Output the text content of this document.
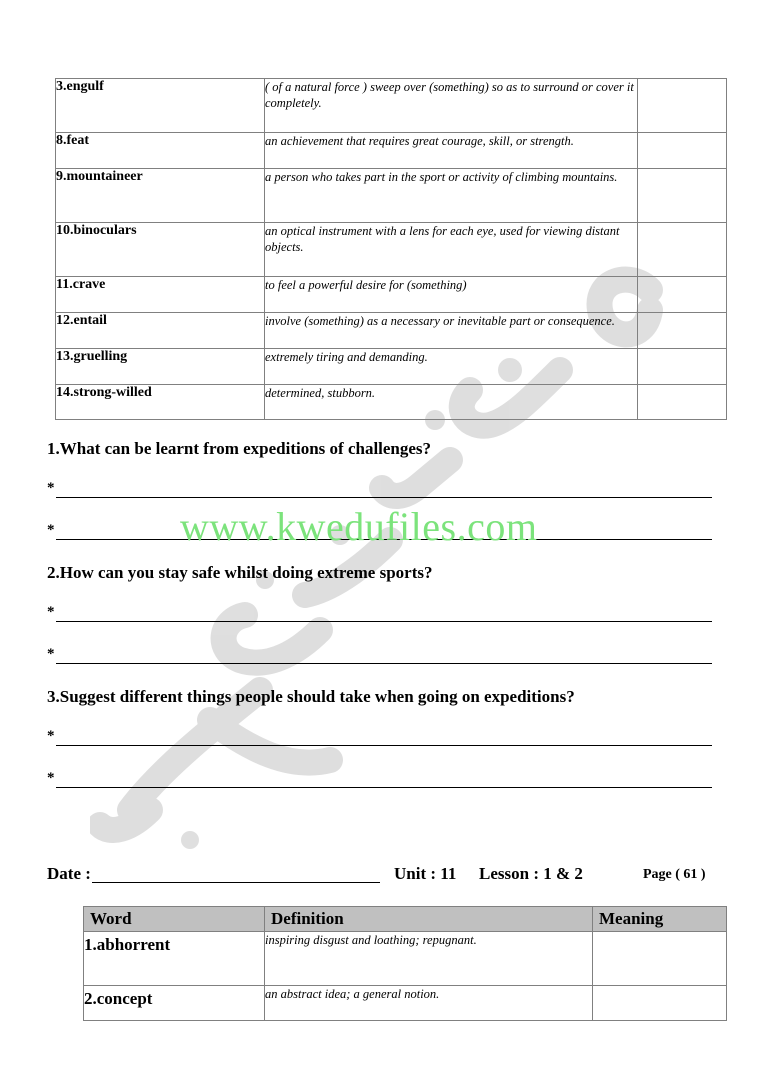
3.engulf	( of a natural force ) sweep over (something) so as to surround or cover it completely.	
8.feat	an achievement that requires great courage, skill, or strength.	
9.mountaineer	a person who takes part in the sport or activity of climbing mountains.	
10.binoculars	an optical instrument with a lens for each eye, used for viewing distant objects.	
11.crave	to feel a powerful desire for (something)	
12.entail	involve (something) as a necessary or inevitable part or consequence.	
13.gruelling	extremely tiring and demanding.	
14.strong-willed	determined, stubborn.	

1.What can be learnt from expeditions of challenges?

*
*

2.How can you stay safe whilst doing extreme sports?

*
*

3.Suggest different things people should take when going on expeditions?

*
*
www.kwedufiles.com
Date :	Unit : 11 Lesson : 1 & 2	Page ( 61 )
Word	Definition	Meaning
1.abhorrent	inspiring disgust and loathing; repugnant.	
2.concept	an abstract idea; a general notion.	
